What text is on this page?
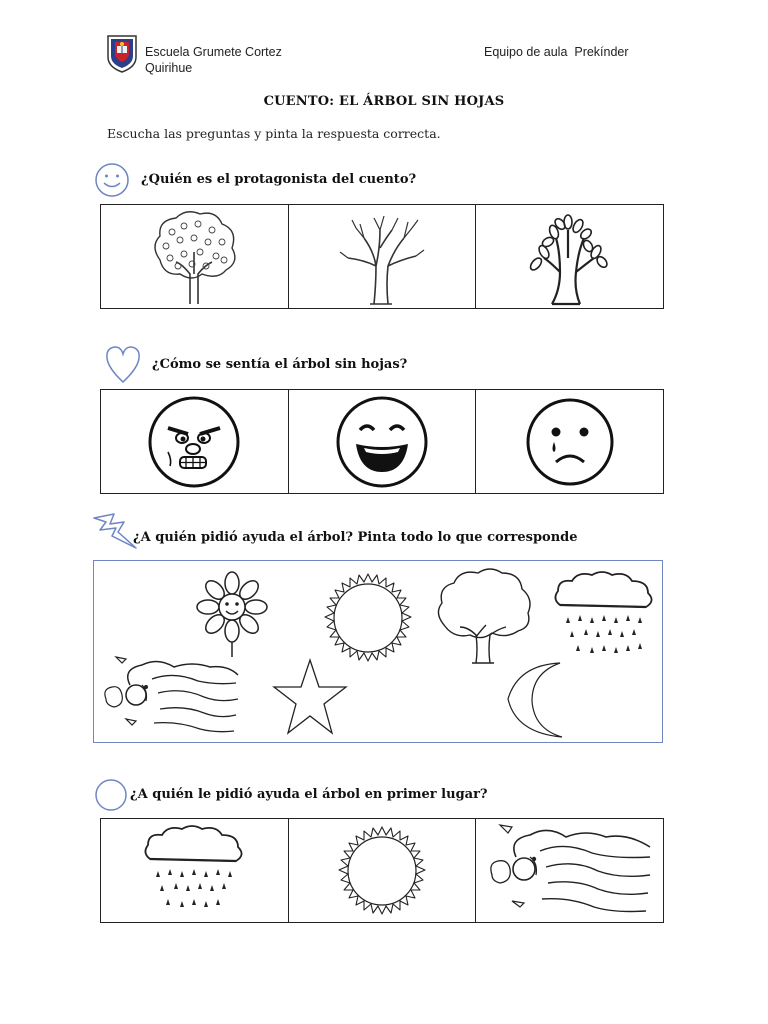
Escuela Grumete Cortez
Quirihue
Equipo de aula  Prekínder
CUENTO: EL ÁRBOL SIN HOJAS
Escucha las preguntas y pinta la respuesta correcta.
¿Quién es el protagonista del cuento?
¿Cómo se sentía el árbol sin hojas?
¿A quién pidió ayuda el árbol? Pinta todo lo que corresponde
¿A quién le pidió ayuda el árbol en primer lugar?
